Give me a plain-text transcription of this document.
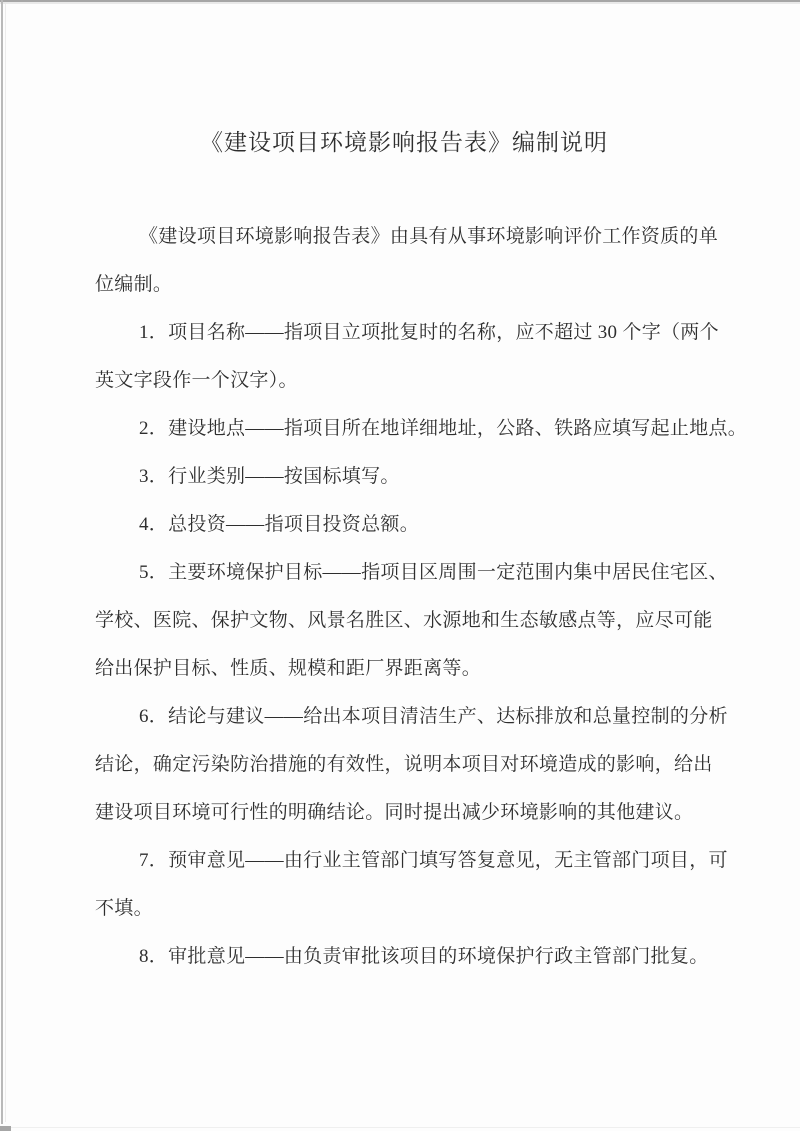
《建设项目环境影响报告表》编制说明
《建设项目环境影响报告表》由具有从事环境影响评价工作资质的单
位编制。
1．项目名称——指项目立项批复时的名称，应不超过 30 个字（两个
英文字段作一个汉字）。
2．建设地点——指项目所在地详细地址，公路、铁路应填写起止地点。
3．行业类别——按国标填写。
4．总投资——指项目投资总额。
5．主要环境保护目标——指项目区周围一定范围内集中居民住宅区、
学校、医院、保护文物、风景名胜区、水源地和生态敏感点等，应尽可能
给出保护目标、性质、规模和距厂界距离等。
6．结论与建议——给出本项目清洁生产、达标排放和总量控制的分析
结论，确定污染防治措施的有效性，说明本项目对环境造成的影响，给出
建设项目环境可行性的明确结论。同时提出减少环境影响的其他建议。
7．预审意见——由行业主管部门填写答复意见，无主管部门项目，可
不填。
8．审批意见——由负责审批该项目的环境保护行政主管部门批复。
